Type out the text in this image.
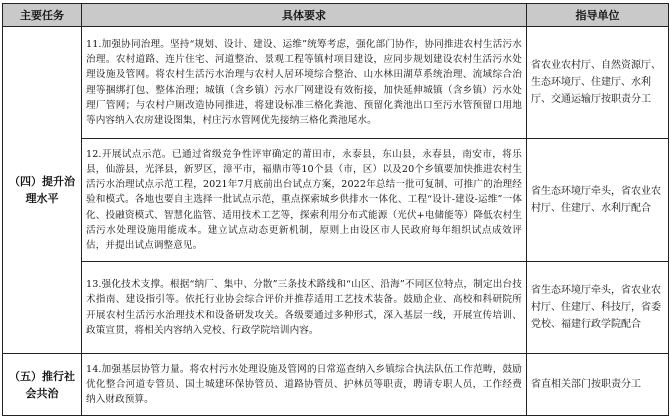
主要任务	具体要求	指导单位

（四）提升治理水平	11.加强协同治理。坚持“规划、设计、建设、运维”统筹考虑，强化部门协作，协同推进农村生活污水治理。农村道路、连片住宅、河道整治、景观工程等镇村项目建设，应同步规划建设农村生活污水处理设施及管网。将农村生活污水治理与农村人居环境综合整治、山水林田湖草系统治理、流域综合治理等捆绑打包、整体治理；城镇（含乡镇）污水厂网建设有效衔接，加快延伸城镇（含乡镇）污水处理厂管网；与农村户厕改造协同推进，将建设标准三格化粪池、预留化粪池出口至污水管预留口用地等内容纳入农房建设图集，村庄污水管网优先接纳三格化粪池尾水。	省农业农村厅、自然资源厅、生态环境厅、住建厅、水利厅、交通运输厅按职责分工
	12.开展试点示范。已通过省级竞争性评审确定的莆田市，永泰县，东山县，永春县，南安市，将乐县，仙游县，光泽县，新罗区，漳平市，福鼎市等10个县（市，区）以及20个乡镇要加快推进农村生活污水治理试点示范工程，2021年7月底前出台试点方案，2022年总结一批可复制、可推广的治理经验和模式。各地也要自主选择一批试点示范，重点探索城乡供排水一体化、工程“设计-建设-运维”一体化、投融资模式、智慧化监管、适用技术工艺等，探索利用分布式能源（光伏+电储能等）降低农村生活污水处理设施用能成本。建立试点动态更新机制，原则上由设区市人民政府每年组织试点成效评估，并提出试点调整意见。	省生态环境厅牵头，省农业农村厅、住建厅、水利厅配合
	13.强化技术支撑。根据“纳厂、集中、分散”三条技术路线和“山区、沿海”不同区位特点，制定出台技术指南、建设指引等。依托行业协会综合评价并推荐适用工艺技术装备。鼓励企业、高校和科研院所开展农村生活污水治理技术和设备研发攻关。各级要通过多种形式，深入基层一线，开展宣传培训、政策宣贯，将相关内容纳入党校、行政学院培训内容。	省生态环境厅牵头，省农业农村厅、住建厅、科技厅，省委党校、福建行政学院配合

（五）推行社会共治	14.加强基层协管力量。将农村污水处理设施及管网的日常巡查纳入乡镇综合执法队伍工作范畴，鼓励优化整合河道专管员、国土城建环保协管员、道路协管员、护林员等职责，聘请专职人员，工作经费纳入财政预算。	省直相关部门按职责分工
